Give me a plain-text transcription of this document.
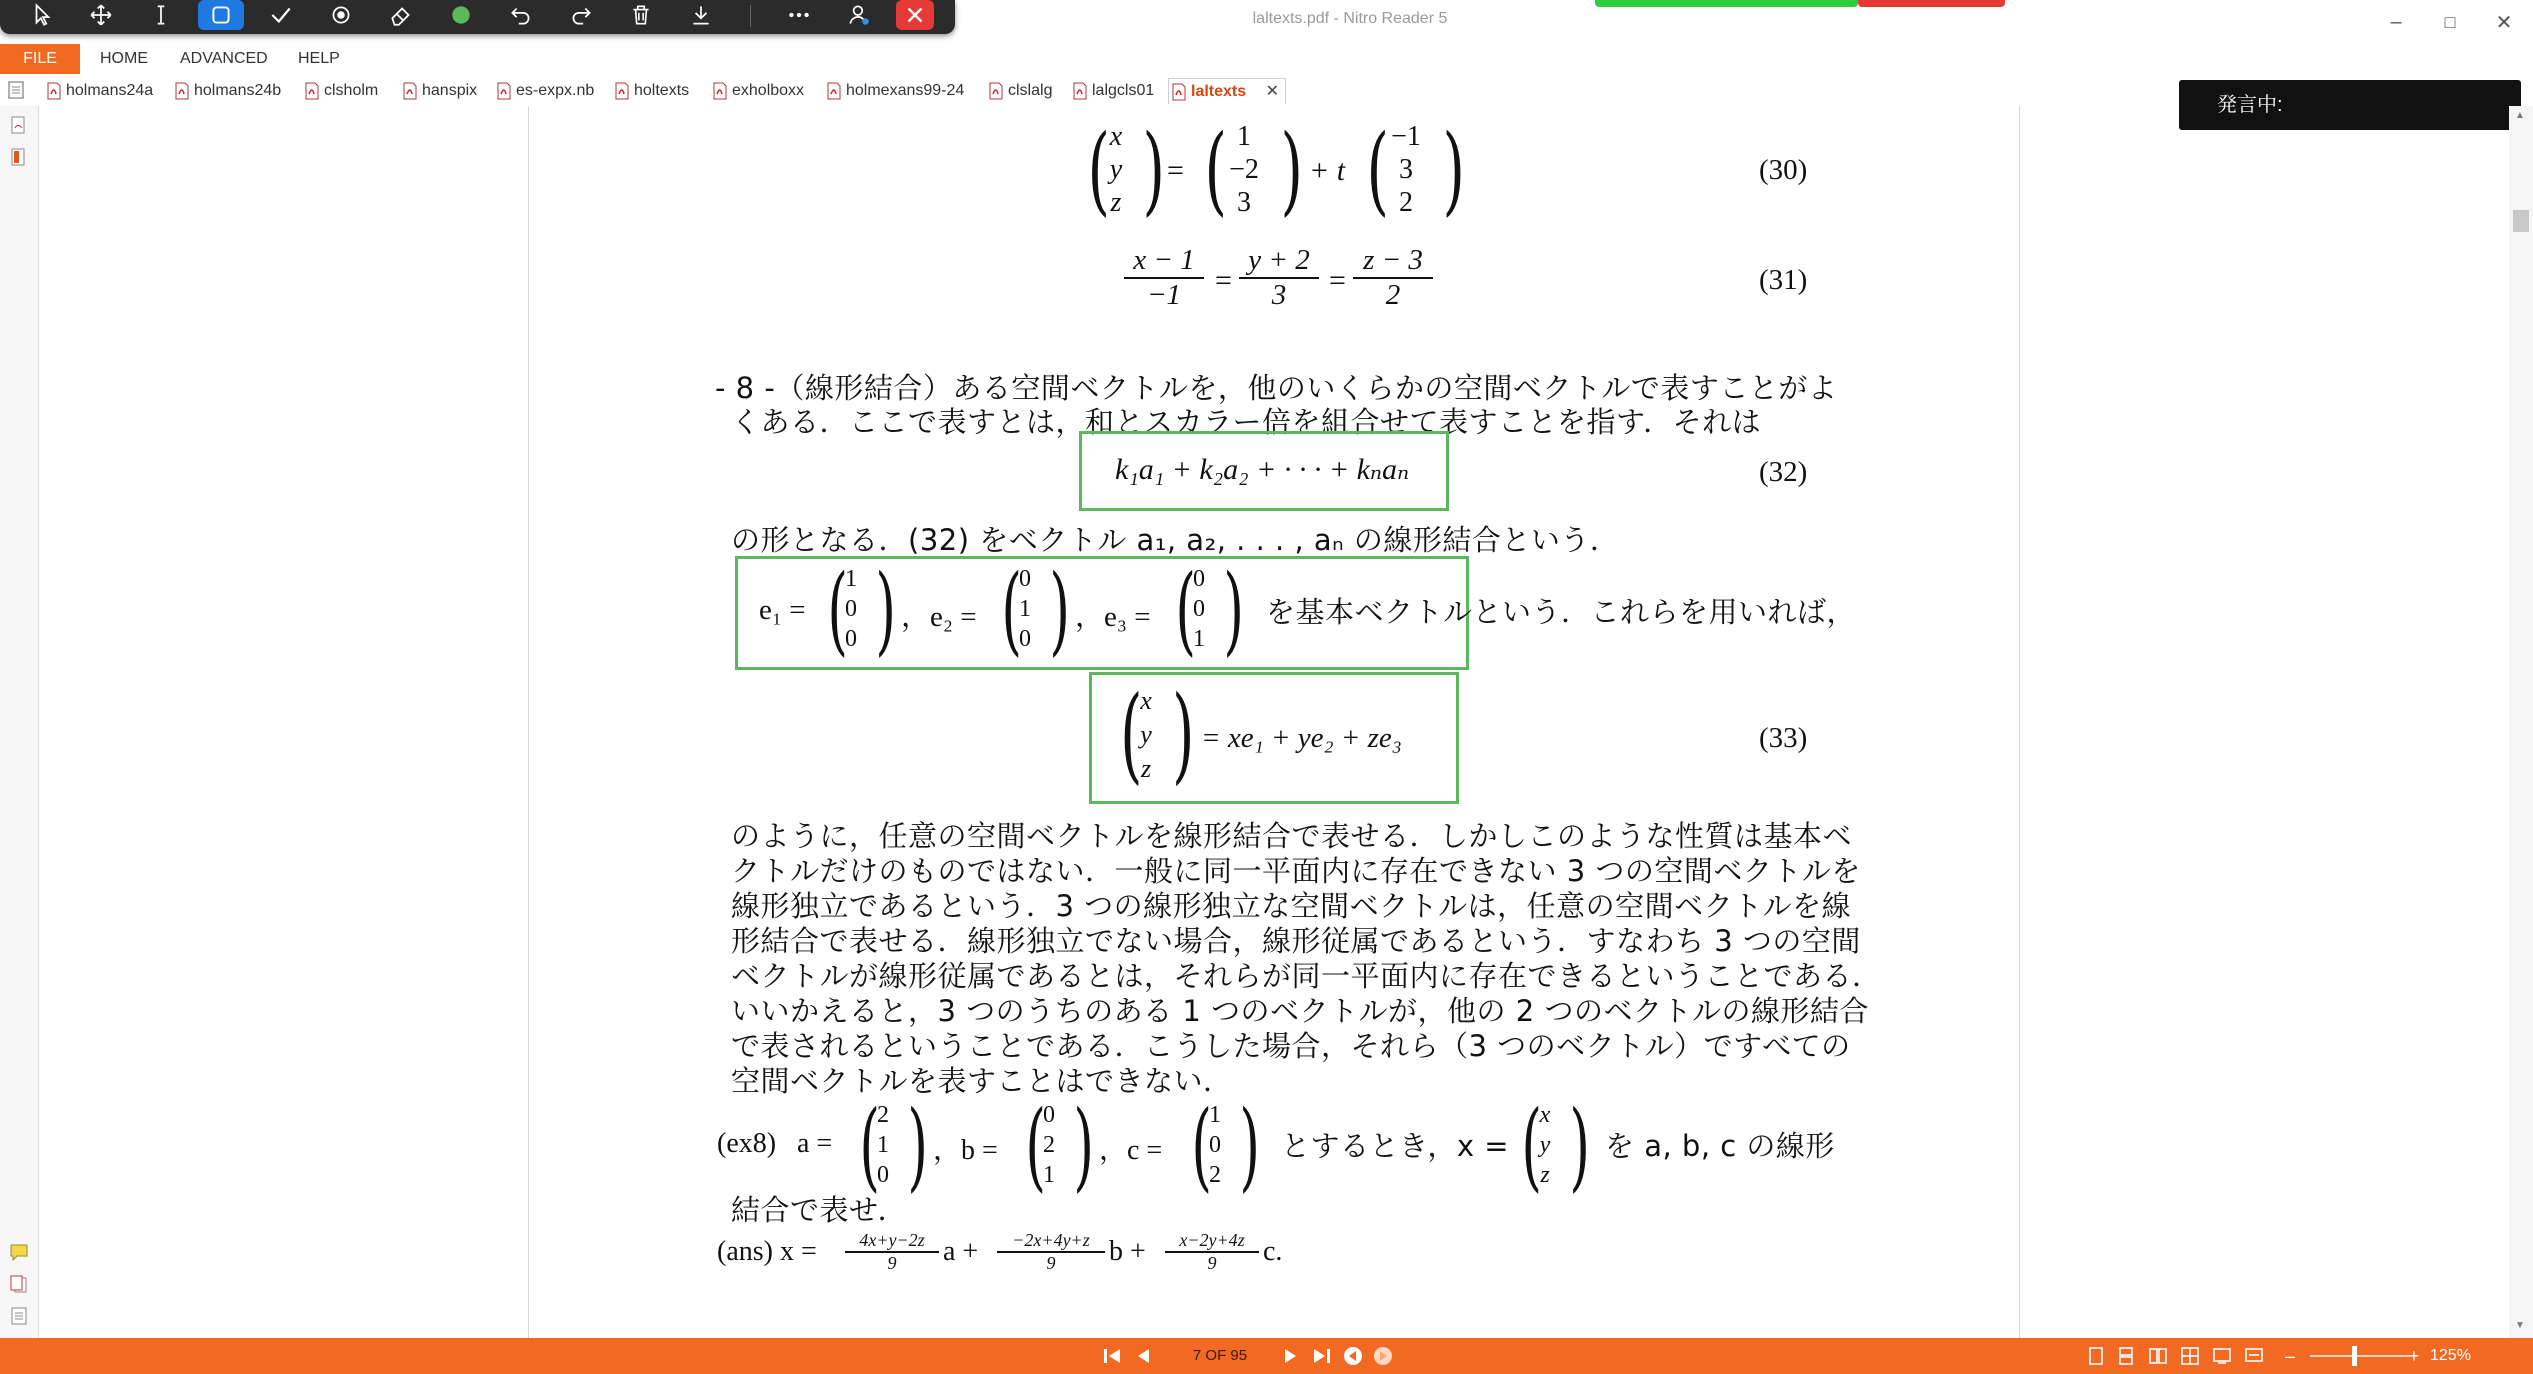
laltexts.pdf - Nitro Reader 5	–	□	✕
FILE	HOME ADVANCED HELP
holmans24a	holmans24b	clsholm	hanspix	es-expx.nb	holtexts	exholboxx	holmexans99-24	clslalg	lalgcls01	laltexts ✕
( x
y
z ) = ( 1
−2
3 ) + t ( −1
3
2 )	(30)
$\frac{x - 1}{-1} = \frac{y + 2}{3} = \frac{z - 3}{2}$	(31)
- 8 -（線形結合）ある空間ベクトルを，他のいくらかの空間ベクトルで表すことがよ
くある．ここで表すとは，和とスカラー倍を組合せて表すことを指す．それは
k₁a₁ + k₂a₂ + · · · + kₙaₙ	(32)
の形となる．(32) をベクトル a₁, a₂, . . . , aₙ の線形結合という．
e₁ = (
1
0
0 ) ，e₂ = (
0
1
0 ) ，e₃ = (
0
0
1 ) を基本ベクトルという．これらを用いれば，
(
x
y
z ) = xe₁ + ye₂ + ze₃	(33)
のように，任意の空間ベクトルを線形結合で表せる．しかしこのような性質は基本ベ
クトルだけのものではない．一般に同一平面内に存在できない 3 つの空間ベクトルを
線形独立であるという．3 つの線形独立な空間ベクトルは，任意の空間ベクトルを線
形結合で表せる．線形独立でない場合，線形従属であるという．すなわち 3 つの空間
ベクトルが線形従属であるとは，それらが同一平面内に存在できるということである．
いいかえると，3 つのうちのある 1 つのベクトルが，他の 2 つのベクトルの線形結合
で表されるということである．こうした場合，それら（3 つのベクトル）ですべての
空間ベクトルを表すことはできない．
(ex8) a = (
2
1
0 ) ，b = (
0
2
1 ) ，c = (
1
0
2 ) とするとき，x = (
x
y
z ) を a, b, c の線形
結合で表せ．
(ans) $x = \frac{4x+y-2z}{9}$ $a + \frac{-2x+4y+z}{9}$ $b + \frac{x-2y+4z}{9} c$.
発言中:	▲
▼
7 OF 95	–	+ 125%
